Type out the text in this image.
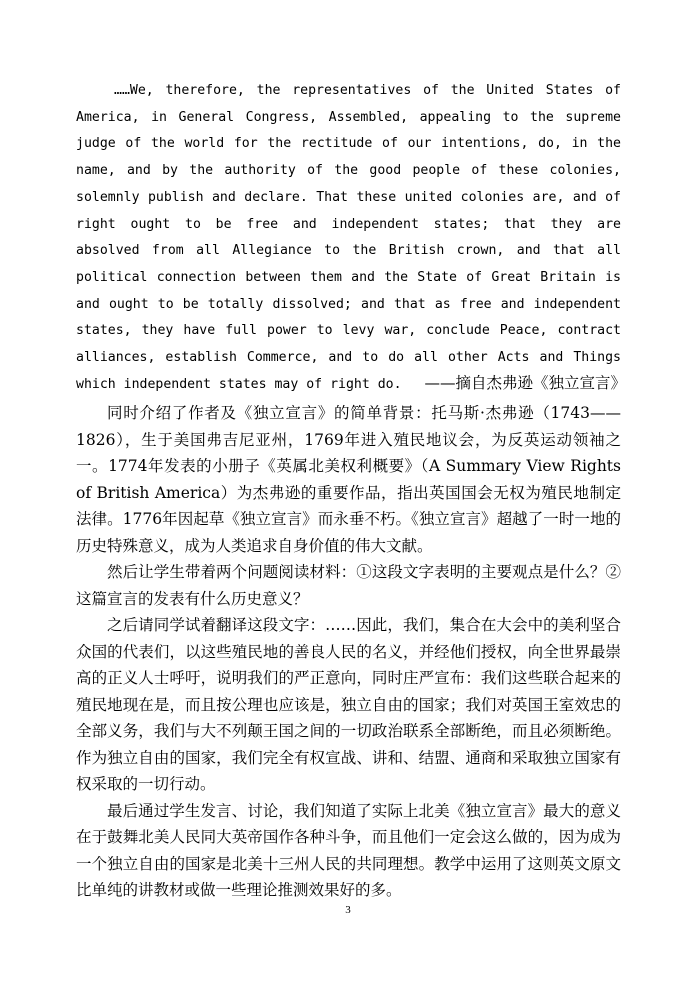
……We, therefore, the representatives of the United States of America, in General Congress, Assembled, appealing to the supreme judge of the world for the rectitude of our intentions, do, in the name, and by the authority of the good people of these colonies, solemnly publish and declare. That these united colonies are, and of right ought to be free and independent states; that they are absolved from all Allegiance to the British crown, and that all political connection between them and the State of Great Britain is and ought to be totally dissolved; and that as free and independent states, they have full power to levy war, conclude Peace, contract alliances, establish Commerce, and to do all other Acts and Things which independent states may of right do.	——摘自杰弗逊《独立宣言》

同时介绍了作者及《独立宣言》的简单背景：托马斯·杰弗逊（1743——1826），生于美国弗吉尼亚州，1769年进入殖民地议会，为反英运动领袖之一。1774年发表的小册子《英属北美权利概要》（A Summary View Rights of British America）为杰弗逊的重要作品，指出英国国会无权为殖民地制定法律。1776年因起草《独立宣言》而永垂不朽。《独立宣言》超越了一时一地的历史特殊意义，成为人类追求自身价值的伟大文献。

然后让学生带着两个问题阅读材料：①这段文字表明的主要观点是什么？②这篇宣言的发表有什么历史意义？

之后请同学试着翻译这段文字：……因此，我们，集合在大会中的美利坚合众国的代表们，以这些殖民地的善良人民的名义，并经他们授权，向全世界最崇高的正义人士呼吁，说明我们的严正意向，同时庄严宣布：我们这些联合起来的殖民地现在是，而且按公理也应该是，独立自由的国家；我们对英国王室效忠的全部义务，我们与大不列颠王国之间的一切政治联系全部断绝，而且必须断绝。作为独立自由的国家，我们完全有权宣战、讲和、结盟、通商和采取独立国家有权采取的一切行动。

最后通过学生发言、讨论，我们知道了实际上北美《独立宣言》最大的意义在于鼓舞北美人民同大英帝国作各种斗争，而且他们一定会这么做的，因为成为一个独立自由的国家是北美十三州人民的共同理想。教学中运用了这则英文原文比单纯的讲教材或做一些理论推测效果好的多。

3
